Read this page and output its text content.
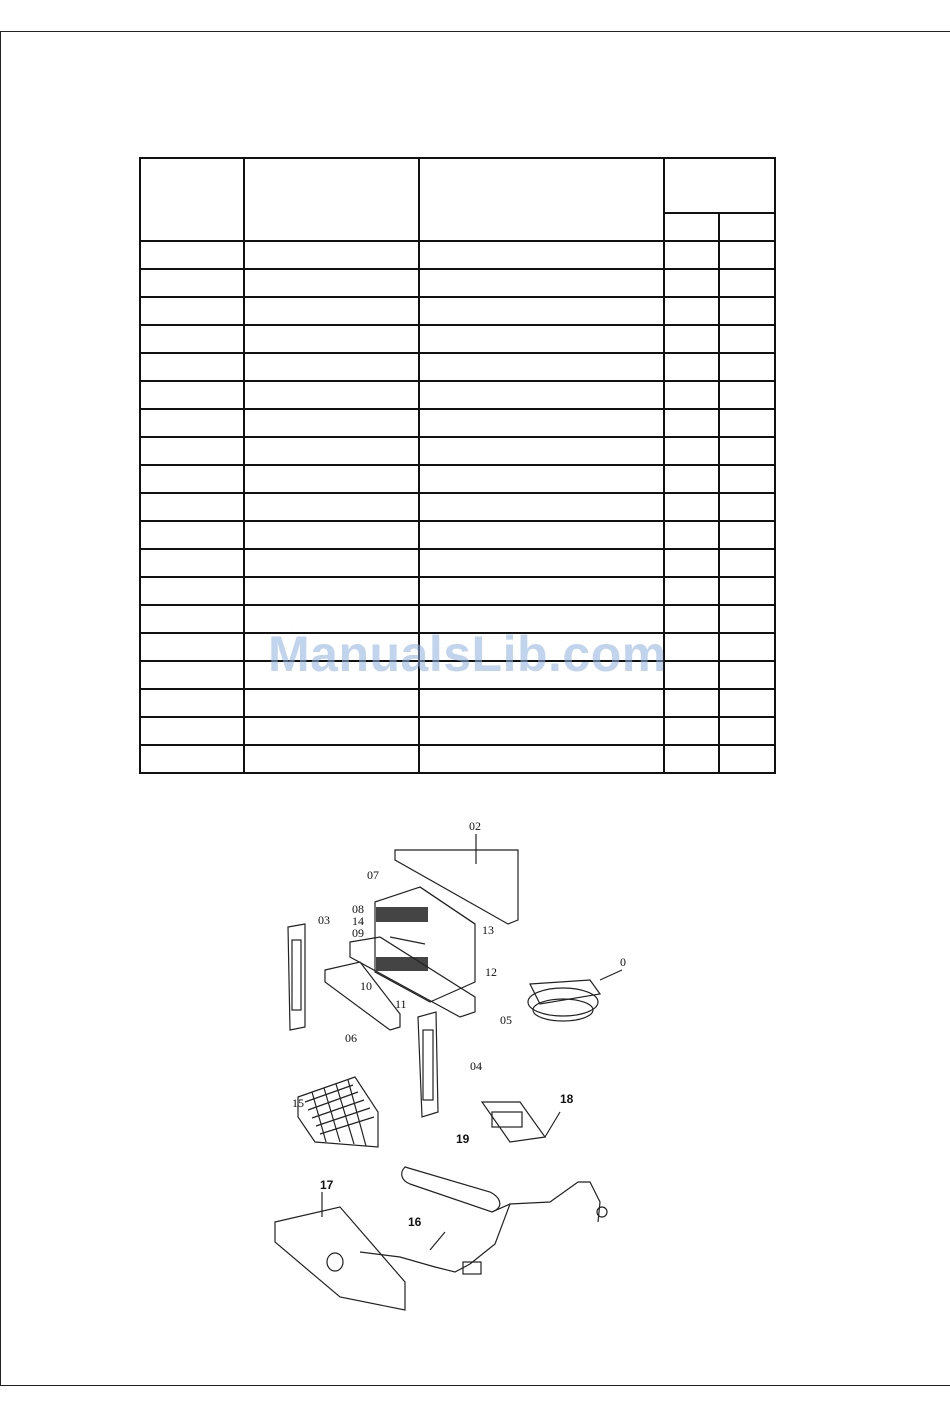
ManualsLib.com
02
07
08
14
09
03
13
12
10
11
0
05
06
04
15	18
19
17
16
